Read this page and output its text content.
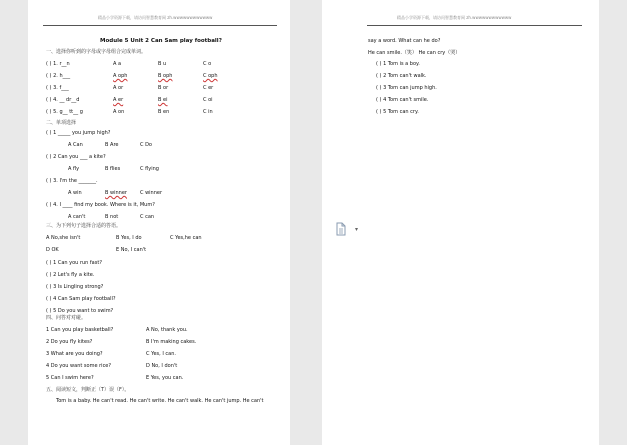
精品小学资源下载，请访问智慧教育网 zh.wwwwwwwwwwww
Module 5 Unit 2 Can Sam play football?
一、选择你听到的字母或字母组合完成单词。
( ) 1. r__n	A a	B u	C o
( ) 2. h___	A oph	B oph	C oph
( ) 3. f___	A or	B or	C er
( ) 4. __ dr__d	A er	B ei	C oi
( ) 5. g__ tt__ g	A on	B en	C in
二、单项选择
( ) 1 _____ you jump high?
A Can	B Are	C Do
( ) 2 Can you ___ a kite?
A fly	B flies	C flying
( ) 3. I'm the _______.
A win	B winner	C winner
( ) 4. I ____ find my book. Where is it, Mum?
A can't	B not	C can
三、为下列句子选择合适的答语。
A No,she isn't	B Yes, I do	C Yes,he can
D OK	E No, I can't
( ) 1 Can you run fast?
( ) 2 Let's fly a kite.
( ) 3 Is Lingling strong?
( ) 4 Can Sam play football?
( ) 5 Do you want to swim?
四、问答对对碰。
1 Can you play basketball?	A No, thank you.
2 Do you fly kites?	B I'm making cakes.
3 What are you doing?	C Yes, I can.
4 Do you want some rice?	D No, I don't
5 Can I swim here?	E Yes, you can.
五、阅读短文，判断正（T）误（F）。
Tom is a baby. He can't read. He can't write. He can't walk. He can't jump. He can't
精品小学资源下载，请访问智慧教育网 zh.wwwwwwwwwwww
say a word. What can he do?
He can smile.（笑） He can cry（哭）
( ) 1 Tom is a boy.
( ) 2 Tom can't walk.
( ) 3 Tom can jump high.
( ) 4 Tom can't smile.
( ) 5 Tom can cry.
▾
